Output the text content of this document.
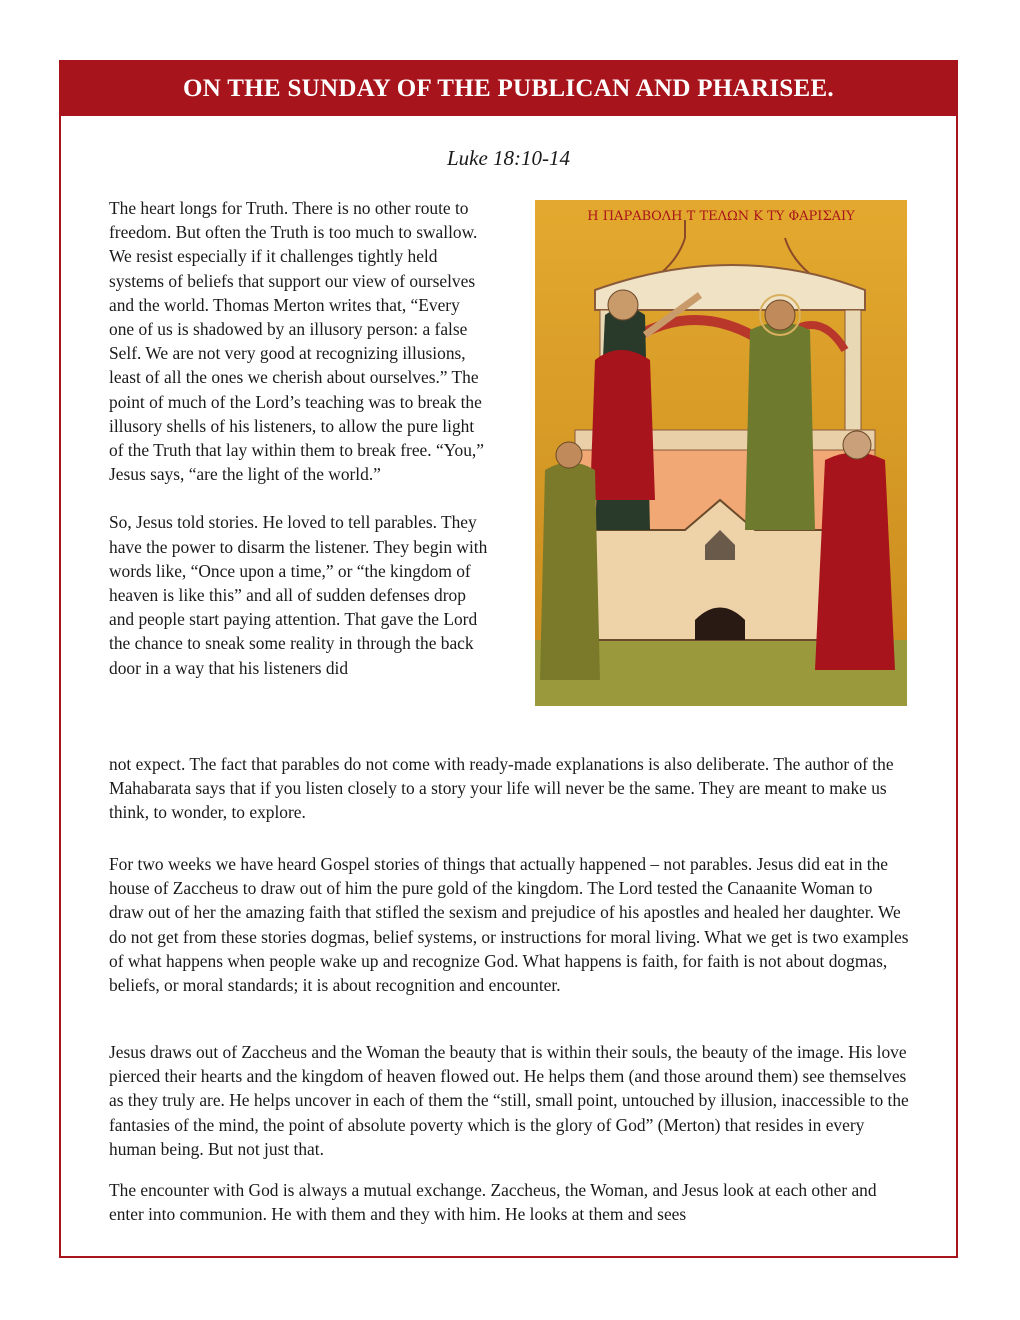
ON THE SUNDAY OF THE PUBLICAN AND PHARISEE.
Luke 18:10-14
Η ΠΑΡΑΒΟΛΗ Τ ΤΕΛΩΝ Κ ΤΥ ΦΑΡΙΣΑΙΥ

The heart longs for Truth. There is no other route to freedom. But often the Truth is too much to swallow. We resist especially if it challenges tightly held systems of beliefs that support our view of ourselves and the world. Thomas Merton writes that, “Every one of us is shadowed by an illusory person: a false Self. We are not very good at recognizing illusions, least of all the ones we cherish about ourselves.” The point of much of the Lord’s teaching was to break the illusory shells of his listeners, to allow the pure light of the Truth that lay within them to break free. “You,” Jesus says, “are the light of the world.”

So, Jesus told stories. He loved to tell parables. They have the power to disarm the listener. They begin with words like, “Once upon a time,” or “the kingdom of heaven is like this” and all of sudden defenses drop and people start paying attention. That gave the Lord the chance to sneak some reality in through the back door in a way that his listeners did

not expect. The fact that parables do not come with ready-made explanations is also deliberate. The author of the Mahabarata says that if you listen closely to a story your life will never be the same. They are meant to make us think, to wonder, to explore.

For two weeks we have heard Gospel stories of things that actually happened – not parables. Jesus did eat in the house of Zaccheus to draw out of him the pure gold of the kingdom. The Lord tested the Canaanite Woman to draw out of her the amazing faith that stifled the sexism and prejudice of his apostles and healed her daughter. We do not get from these stories dogmas, belief systems, or instructions for moral living. What we get is two examples of what happens when people wake up and recognize God. What happens is faith, for faith is not about dogmas, beliefs, or moral standards; it is about recognition and encounter.

Jesus draws out of Zaccheus and the Woman the beauty that is within their souls, the beauty of the image. His love pierced their hearts and the kingdom of heaven flowed out. He helps them (and those around them) see themselves as they truly are. He helps uncover in each of them the “still, small point, untouched by illusion, inaccessible to the fantasies of the mind, the point of absolute poverty which is the glory of God” (Merton) that resides in every human being. But not just that.

The encounter with God is always a mutual exchange. Zaccheus, the Woman, and Jesus look at each other and enter into communion. He with them and they with him. He looks at them and sees
